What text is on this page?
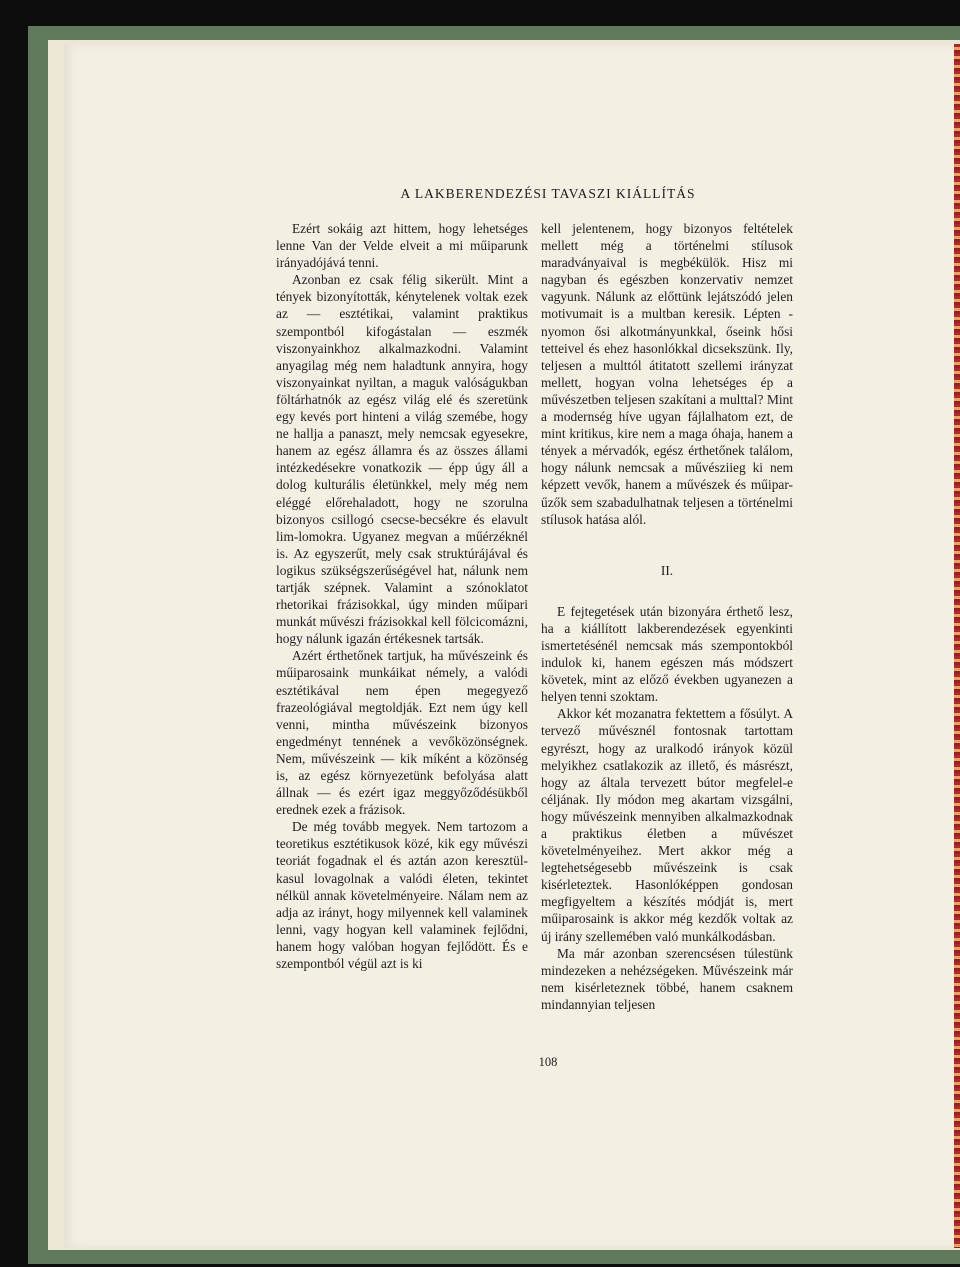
A LAKBERENDEZÉSI TAVASZI KIÁLLÍTÁS

Ezért sokáig azt hittem, hogy lehetséges lenne Van der Velde elveit a mi műiparunk irányadójává tenni.

Azonban ez csak félig sikerült. Mint a tények bizonyították, kénytelenek voltak ezek az — esztétikai, valamint praktikus szempontból kifogástalan — eszmék viszonyainkhoz alkalmazkodni. Valamint anyagilag még nem haladtunk annyira, hogy viszonyainkat nyiltan, a maguk valóságukban föltárhatnók az egész világ elé és szeretünk egy kevés port hinteni a világ szemébe, hogy ne hallja a panaszt, mely nemcsak egyesekre, hanem az egész államra és az összes állami intézkedésekre vonatkozik — épp úgy áll a dolog kulturális életünkkel, mely még nem eléggé előrehaladott, hogy ne szorulna bizonyos csillogó csecse-becsékre és elavult lim-lomokra. Ugyanez megvan a műérzéknél is. Az egyszerűt, mely csak struktúrájával és logikus szükségszerűségével hat, nálunk nem tartják szépnek. Valamint a szónoklatot rhetorikai frázisokkal, úgy minden műipari munkát művészi frázisokkal kell fölcicomázni, hogy nálunk igazán értékesnek tartsák.

Azért érthetőnek tartjuk, ha művészeink és műiparosaink munkáikat némely, a valódi esztétikával nem épen megegyező frazeológiával megtoldják. Ezt nem úgy kell venni, mintha művészeink bizonyos engedményt tennének a vevőközönségnek. Nem, művészeink — kik míként a közönség is, az egész környezetünk befolyása alatt állnak — és ezért igaz meggyőződésükből erednek ezek a frázisok.

De még tovább megyek. Nem tartozom a teoretikus esztétikusok közé, kik egy művészi teoriát fogadnak el és aztán azon keresztül-kasul lovagolnak a valódi életen, tekintet nélkül annak követelményeire. Nálam nem az adja az irányt, hogy milyennek kell valaminek lenni, vagy hogyan kell valaminek fejlődni, hanem hogy valóban hogyan fejlődött. És e szempontból végül azt is ki

kell jelentenem, hogy bizonyos feltételek mellett még a történelmi stílusok maradványaival is megbékülök. Hisz mi nagyban és egészben konzervativ nemzet vagyunk. Nálunk az előttünk lejátszódó jelen motivumait is a multban keresik. Lépten - nyomon ősi alkotmányunkkal, őseink hősi tetteivel és ehez hasonlókkal dicsekszünk. Ily, teljesen a multtól átitatott szellemi irányzat mellett, hogyan volna lehetséges ép a művészetben teljesen szakítani a multtal? Mint a modernség híve ugyan fájlalhatom ezt, de mint kritikus, kire nem a maga óhaja, hanem a tények a mérvadók, egész érthetőnek találom, hogy nálunk nemcsak a művésziieg ki nem képzett vevők, hanem a művészek és műipar-űzők sem szabadulhatnak teljesen a történelmi stílusok hatása alól.

II.

E fejtegetések után bizonyára érthető lesz, ha a kiállított lakberendezések egyenkinti ismertetésénél nemcsak más szempontokból indulok ki, hanem egészen más módszert követek, mint az előző években ugyanezen a helyen tenni szoktam.

Akkor két mozanatra fektettem a fősúlyt. A tervező művésznél fontosnak tartottam egyrészt, hogy az uralkodó irányok közül melyikhez csatlakozik az illető, és másrészt, hogy az általa tervezett bútor megfelel-e céljának. Ily módon meg akartam vizsgálni, hogy művészeink mennyiben alkalmazkodnak a praktikus életben a művészet követelményeihez. Mert akkor még a legtehetségesebb művészeink is csak kisérleteztek. Hasonlóképpen gondosan megfigyeltem a készítés módját is, mert műiparosaink is akkor még kezdők voltak az új irány szellemében való munkálkodásban.

Ma már azonban szerencsésen túlestünk mindezeken a nehézségeken. Művészeink már nem kisérleteznek többé, hanem csaknem mindannyian teljesen

108
